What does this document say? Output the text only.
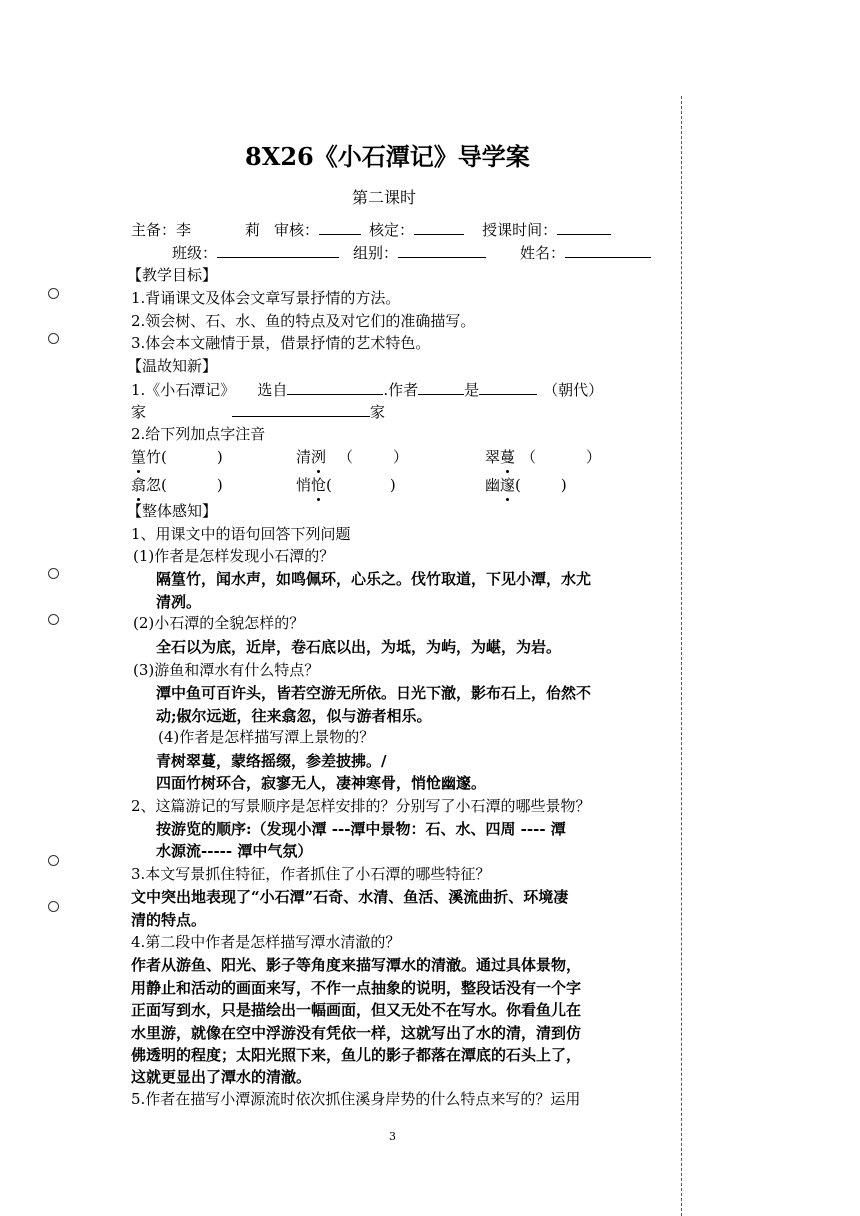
8X26《小石潭记》导学案
第二课时
主备：李	莉 审核：	核定：	授课时间：
班级：	组别：	姓名：
【教学目标】
1.背诵课文及体会文章写景抒情的方法。
2.领会树、石、水、鱼的特点及对它们的准确描写。
3.体会本文融情于景，借景抒情的艺术特色。
【温故知新】
1.《小石潭记》 选自	.作者	是	（朝代）
家	家
2.给下列加点字注音
篁竹(	)	清洌 （	）	翠蔓 （	）
翕忽(	)	悄怆(	)	幽邃(	)
【整体感知】
1、用课文中的语句回答下列问题
(1)作者是怎样发现小石潭的？
隔篁竹，闻水声，如鸣佩环，心乐之。伐竹取道，下见小潭，水尤
清冽。
(2)小石潭的全貌怎样的？
全石以为底，近岸，卷石底以出，为坻，为屿，为嵁，为岩。
(3)游鱼和潭水有什么特点？
潭中鱼可百许头，皆若空游无所依。日光下澈，影布石上，佁然不
动;俶尔远逝，往来翕忽，似与游者相乐。
(4)作者是怎样描写潭上景物的？
青树翠蔓，蒙络摇缀，参差披拂。/
四面竹树环合，寂寥无人，凄神寒骨，悄怆幽邃。
2、这篇游记的写景顺序是怎样安排的？分别写了小石潭的哪些景物？
按游览的顺序:（发现小潭 ---潭中景物：石、水、四周 ---- 潭
水源流----- 潭中气氛）
3.本文写景抓住特征，作者抓住了小石潭的哪些特征？
文中突出地表现了“小石潭”石奇、水清、鱼活、溪流曲折、环境凄
清的特点。
4.第二段中作者是怎样描写潭水清澈的？
作者从游鱼、阳光、影子等角度来描写潭水的清澈。通过具体景物，
用静止和活动的画面来写，不作一点抽象的说明，整段话没有一个字
正面写到水，只是描绘出一幅画面，但又无处不在写水。你看鱼儿在
水里游，就像在空中浮游没有凭依一样，这就写出了水的清，清到仿
佛透明的程度；太阳光照下来，鱼儿的影子都落在潭底的石头上了，
这就更显出了潭水的清澈。
5.作者在描写小潭源流时依次抓住溪身岸势的什么特点来写的？运用
3
